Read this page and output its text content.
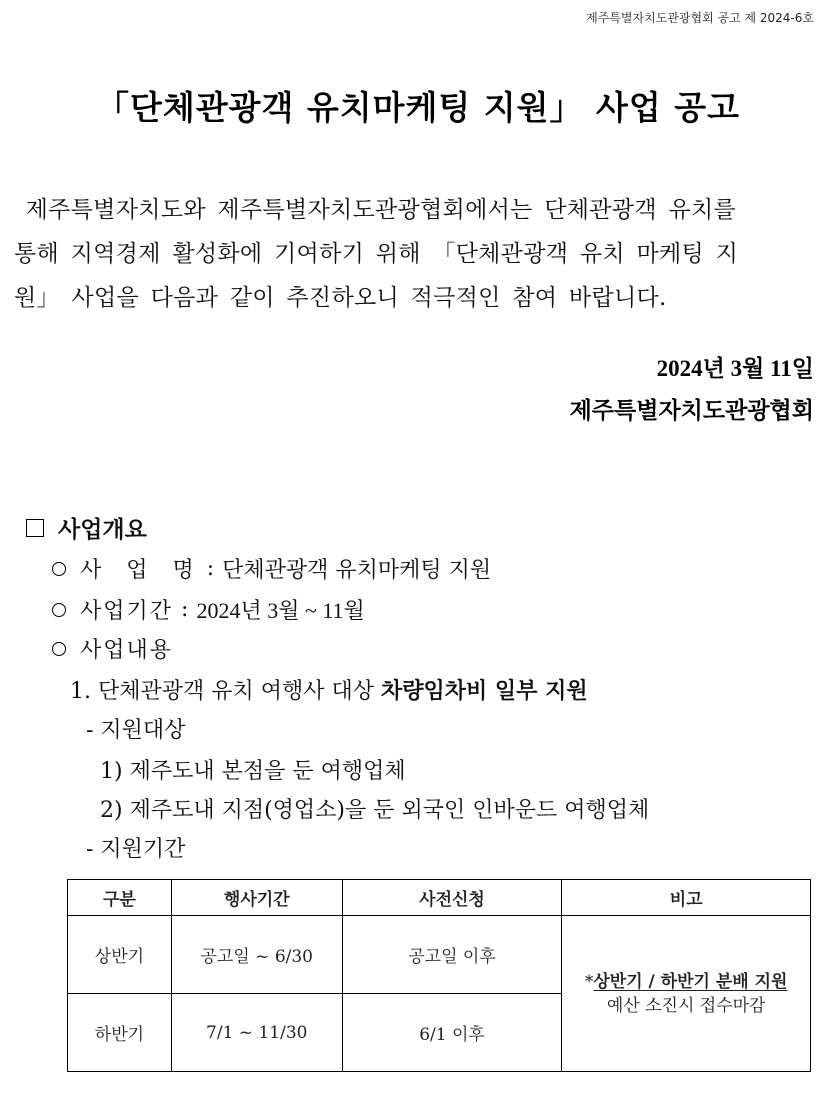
제주특별자치도관광협회 공고 제 2024-6호
「단체관광객 유치마케팅 지원」 사업 공고

제주특별자치도와 제주특별자치도관광협회에서는 단체관광객 유치를

통해 지역경제 활성화에 기여하기 위해 「단체관광객 유치 마케팅 지

원」 사업을 다음과 같이 추진하오니 적극적인 참여 바랍니다.

2024년 3월 11일
제주특별자치도관광협회
사업개요
사 업 명 : 단체관광객 유치마케팅 지원
사업기간 : 2024년 3월 ~ 11월
사업내용
1. 단체관광객 유치 여행사 대상 차량임차비 일부 지원
- 지원대상
1) 제주도내 본점을 둔 여행업체
2) 제주도내 지점(영업소)을 둔 외국인 인바운드 여행업체
- 지원기간
구분	행사기간	사전신청	비고
상반기	공고일 ~ 6/30	공고일 이후	*상반기 / 하반기 분배 지원
예산 소진시 접수마감

하반기	7/1 ~ 11/30	6/1 이후	
